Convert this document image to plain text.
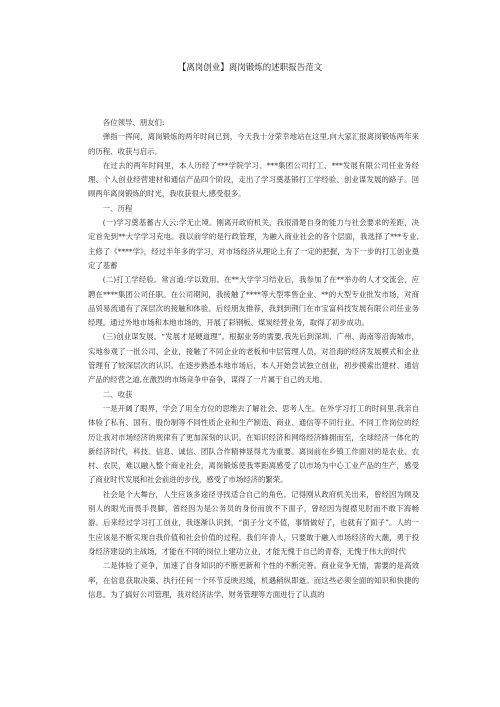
【离岗创业】离岗锻炼的述职报告范文

各位领导、朋友们:

弹指一挥间，离岗锻炼的两年时间已到，今天我十分荣幸地站在这里,向大家汇报离岗锻炼两年来的历程、收获与启示。

在过去的两年时间里，本人历经了***学院学习、***集团公司打工、***发展有限公司任业务经理、个人创业经营建材和通信产品四个阶段，走出了学习奠基锻打工学经验、创业谋发展的路子。回顾两年离岗锻炼的时光，我收获很大,感受很多。

一、历程

(一)学习奠基蓄古人云:学无止境。刚离开政府机关，我很清楚自身的能力与社会要求的差距，决定首先到**大学学习充电。我以前学的是行政管理，为融入商业社会的各个层面，我选择了***专业,主修了《****学》，经过半年多的学习，对市场经济从理论上有了一定的把握，为下一步的打工创业奠定了基蓄

(二)打工学经验。常言道:学以致用。在**大学学习结业后，我参加了在**举办的人才交流会，应聘在****集团公司任职。在公司期间，我接触了****等大型零售企业、**的大型专业批发市场，对商品贸易流通有了深层次的接触和体验。后经朋友推荐，我到到荆门在市宝富科技发展有限公司任业务经理。通过外地市场和本地市场的，开展了彩钢板、煤炭经营业务，取得了初步成功。

(三)创业谋发展。“发展才是硬道理”。根据业务的需要,我先后到深圳、广州、海南等沿海城市，实地参观了一批公司、企业，接触了不同企业的老板和中层管理人员，对沿海的经济发展模式和企业管理有了较深层次的认识。在逐步熟悉本地市场后，本人开始尝试独立创业，初步摸索出建材、通信产品的经营之道,在激烈的市场竞争中奋争，谋得了一片属于自己的天地。

二、收获

一是开阔了眼界，学会了用全方位的思维去了解社会、思考人生。在外学习打工的时间里,我亲自体验了私有、国有、股份制等不同性质企业和生产制造、商业、通信等不同行业。不同工作岗位的经历让我对市场经济的规律有了更加深刻的认识。在知识经济和网络经济蜂拥而至，全球经济一体化的新经济时代，科技、信息、诚信、团队合作精神显得尤为重要。离岗前在乡镇工作面对的是农业、农村、农民，难以融入整个商业社会，离岗锻炼使我零距离感受了以市场为中心工业产品的生产，感受了商业时代发展和社会前进的步伐，感受了市场经济的繁荣。

社会是个大舞台，人生应该多途径寻找适合自己的角色。记得刚从政府机关出来，曾经因为顾及别人的眼光而畏手畏脚，曾经因为是公务员的身份而放不下面子，曾经因为提襟见肘而不敢下海畅游。后来经过学习打工创业，我逐渐认识到，“面子分文不值，事情做好了，也就有了面子”。人的一生应该是不断实现自我价值和社会价值的过程。我们年青人，只要敢于融入市场经济的大潮，勇于投身经济建设的主战场，才能在不同的岗位上建功立业，才能无愧于自己的青春，无愧于伟大的时代

二是体验了竞争，加速了自身知识的不断更新和个性的不断完善。商业竞争无情，需要的是高效率，在信息获取决策、执行任何一个环节反映迟缓，机遇稍纵即逝。而这些必须全面的知识和快捷的信息。为了搞好公司管理，我对经济法学、财务管理等方面进行了认真的
